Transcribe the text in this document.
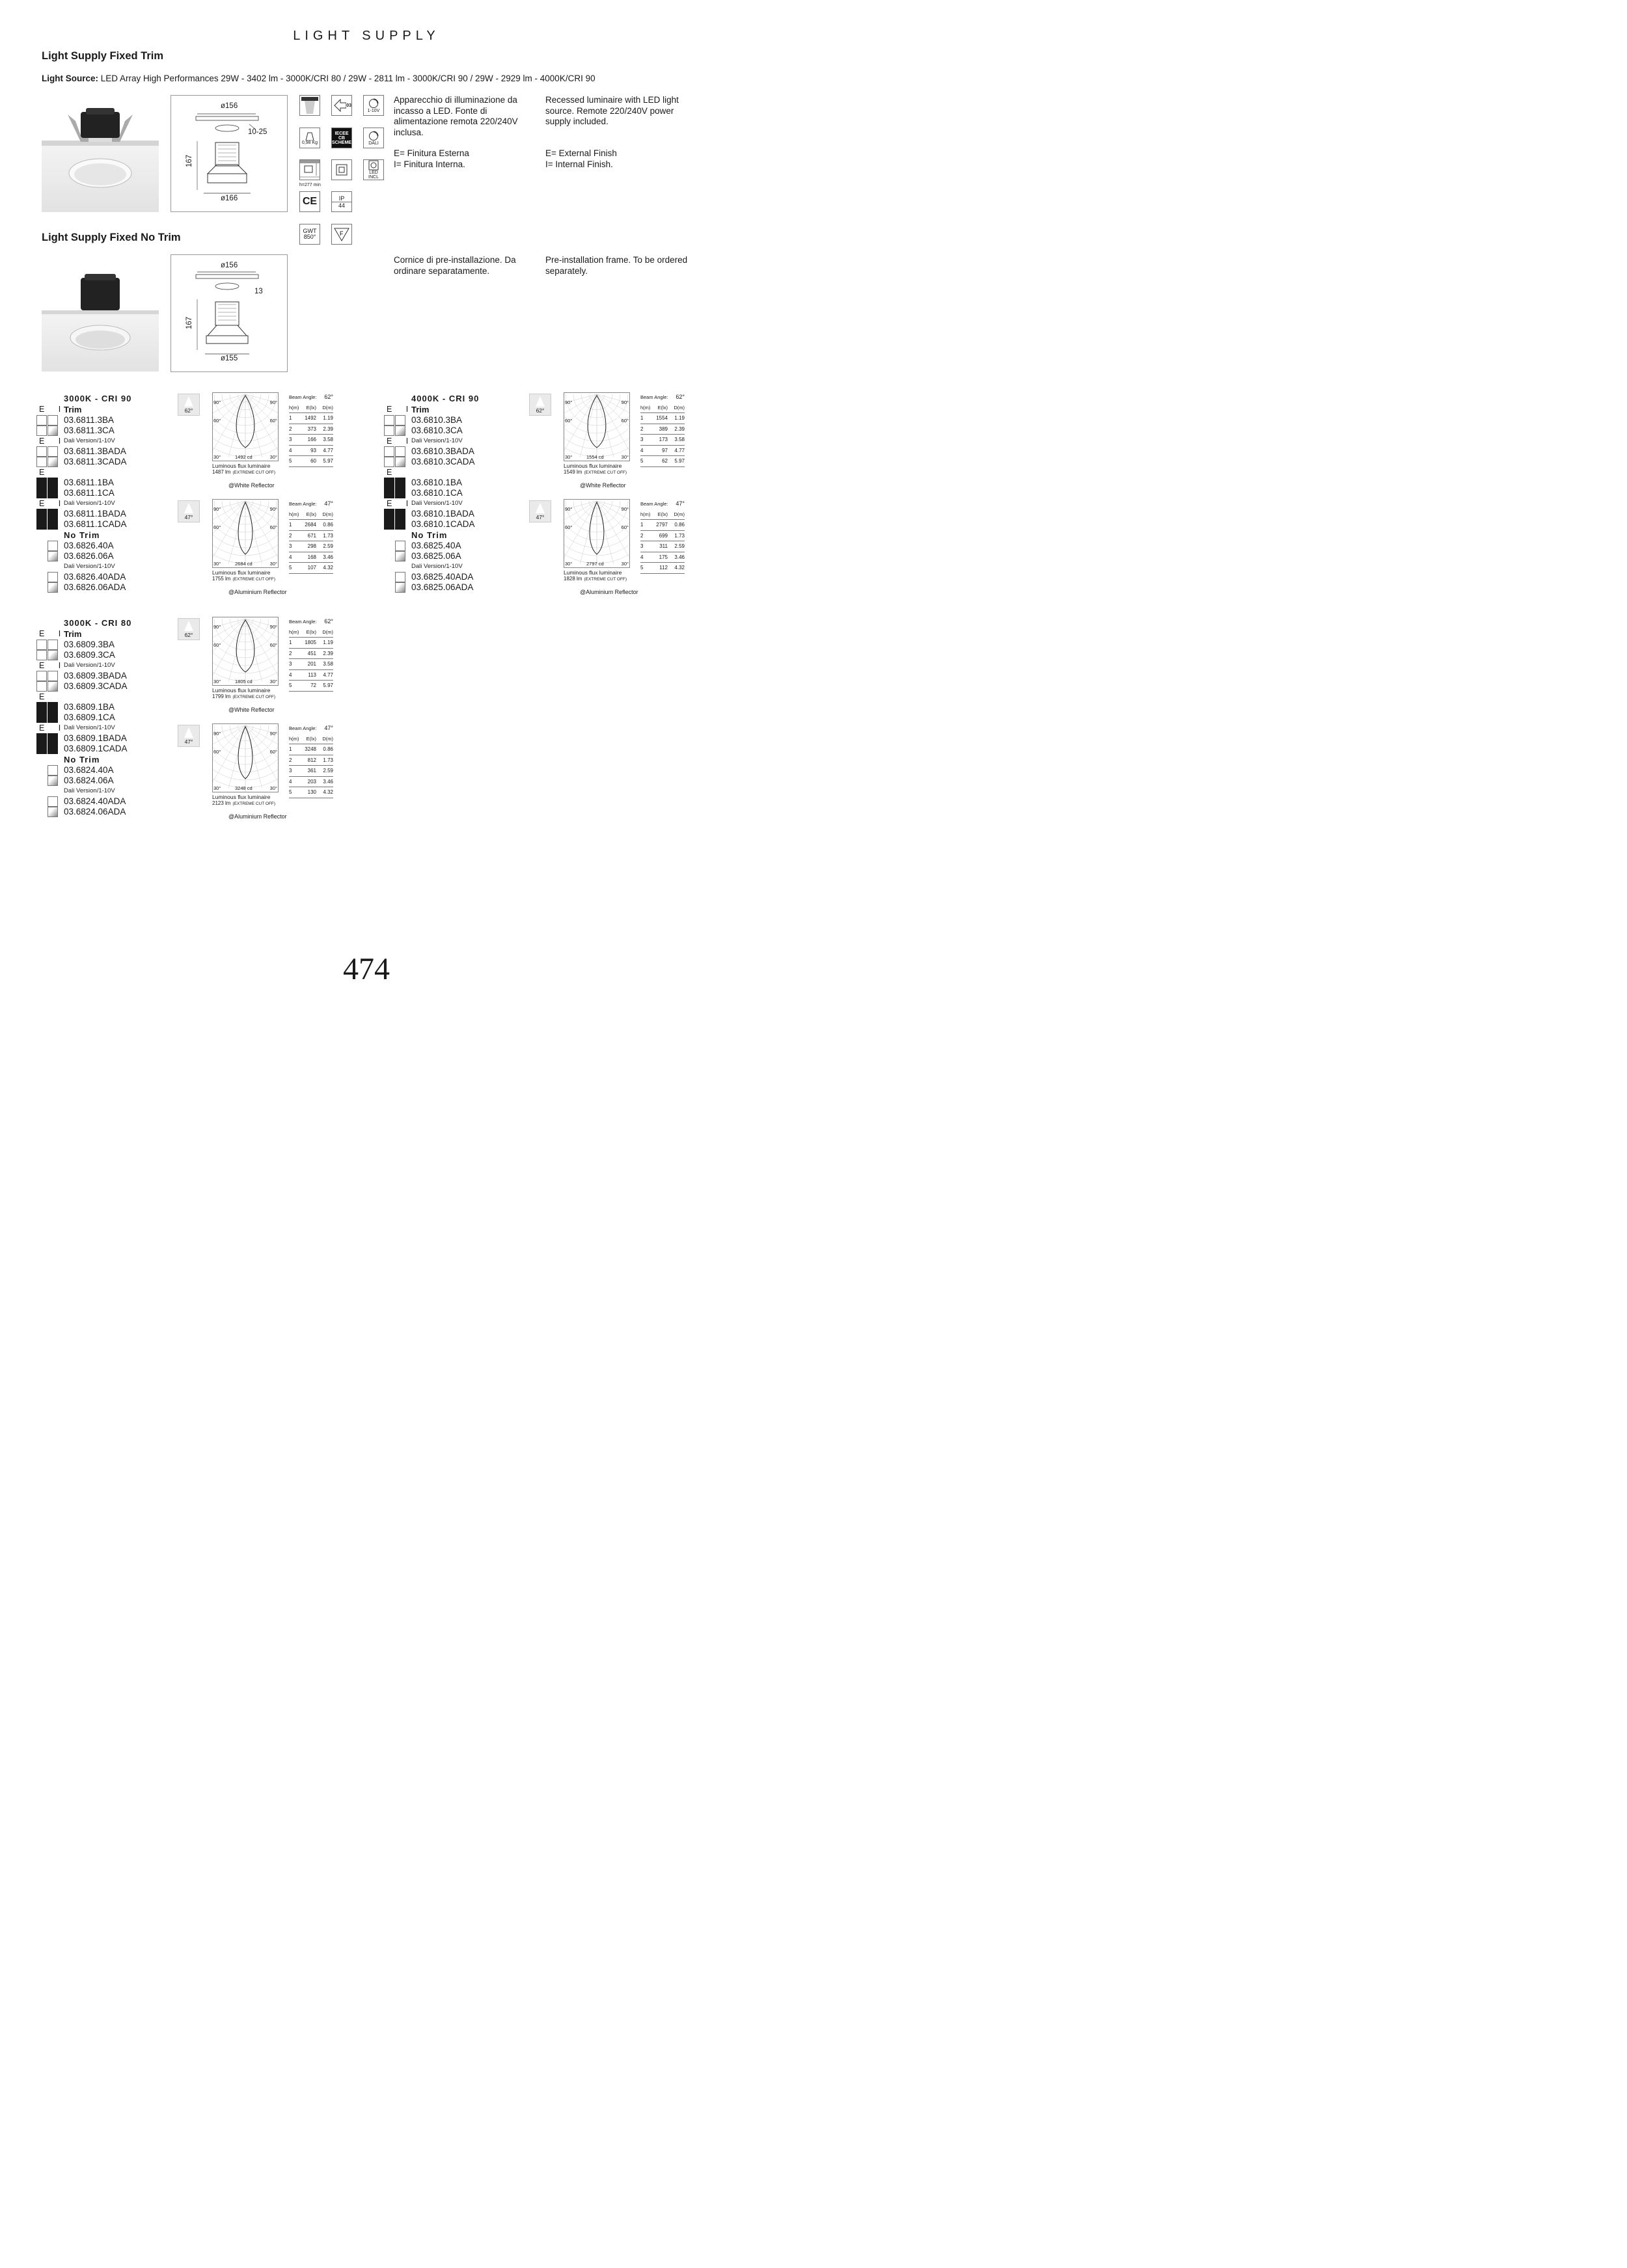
LIGHT SUPPLY
Light Supply Fixed Trim
Light Source: LED Array High Performances 29W - 3402 lm - 3000K/CRI 80 / 29W - 2811 lm - 3000K/CRI 90 / 29W - 2929 lm - 4000K/CRI 90
ø156
10-25
167
ø166
03
1-10V
0,98 Kg
IECEE CB SCHEME	DALI
h=277 min
LED INCL
CE	IP
44
GWT 850°	F
Apparecchio di illuminazione da incasso a LED. Fonte di alimentazione remota 220/240V inclusa.
Recessed luminaire with LED light source. Remote 220/240V power supply included.
E= Finitura Esterna
I= Finitura Interna.
E= External Finish
I= Internal Finish.
Light Supply Fixed No Trim
ø156
13
167
ø155
Cornice di pre-installazione. Da ordinare separatamente.
Pre-installation frame. To be ordered separately.
3000K - CRI 90
E I
Trim
03.6811.3BA
03.6811.3CA
E I
Dali Version/1-10V
03.6811.3BADA
03.6811.3CADA
E
03.6811.1BA
03.6811.1CA
E I
Dali Version/1-10V
03.6811.1BADA
03.6811.1CADA
No Trim
03.6826.40A
03.6826.06A
Dali Version/1-10V
03.6826.40ADA
03.6826.06ADA
4000K - CRI 90
E I
Trim
03.6810.3BA
03.6810.3CA
E I
Dali Version/1-10V
03.6810.3BADA
03.6810.3CADA
E
03.6810.1BA
03.6810.1CA
E I
Dali Version/1-10V
03.6810.1BADA
03.6810.1CADA
No Trim
03.6825.40A
03.6825.06A
Dali Version/1-10V
03.6825.40ADA
03.6825.06ADA
3000K - CRI 80
E I
Trim
03.6809.3BA
03.6809.3CA
E I
Dali Version/1-10V
03.6809.3BADA
03.6809.3CADA
E
03.6809.1BA
03.6809.1CA
E I
Dali Version/1-10V
03.6809.1BADA
03.6809.1CADA
No Trim
03.6824.40A
03.6824.06A
Dali Version/1-10V
03.6824.40ADA
03.6824.06ADA
62°
90°	90°
60°	60°
30°	30°
1492 cd
Luminous flux luminaire
1487 lm (EXTREME CUT OFF)
@White Reflector
Beam Angle: 62°
h(m)	E(lx)	D(m)
1	1492	1.19
2	373	2.39
3	166	3.58
4	93	4.77
5	60	5.97
47°
90°	90°
60°	60°
30°	30°
2684 cd
Luminous flux luminaire
1755 lm (EXTREME CUT OFF)
@Aluminium Reflector
Beam Angle: 47°
h(m)	E(lx)	D(m)
1	2684	0.86
2	671	1.73
3	298	2.59
4	168	3.46
5	107	4.32
62°
90°	90°
60°	60°
30°	30°
1554 cd
Luminous flux luminaire
1549 lm (EXTREME CUT OFF)
@White Reflector
Beam Angle: 62°
h(m)	E(lx)	D(m)
1	1554	1.19
2	389	2.39
3	173	3.58
4	97	4.77
5	62	5.97
47°
90°	90°
60°	60°
30°	30°
2797 cd
Luminous flux luminaire
1828 lm (EXTREME CUT OFF)
@Aluminium Reflector
Beam Angle: 47°
h(m)	E(lx)	D(m)
1	2797	0.86
2	699	1.73
3	311	2.59
4	175	3.46
5	112	4.32
62°
90°	90°
60°	60°
30°	30°
1805 cd
Luminous flux luminaire
1799 lm (EXTREME CUT OFF)
@White Reflector
Beam Angle: 62°
h(m)	E(lx)	D(m)
1	1805	1.19
2	451	2.39
3	201	3.58
4	113	4.77
5	72	5.97
47°
90°	90°
60°	60°
30°	30°
3248 cd
Luminous flux luminaire
2123 lm (EXTREME CUT OFF)
@Aluminium Reflector
Beam Angle: 47°
h(m)	E(lx)	D(m)
1	3248	0.86
2	812	1.73
3	361	2.59
4	203	3.46
5	130	4.32
474
